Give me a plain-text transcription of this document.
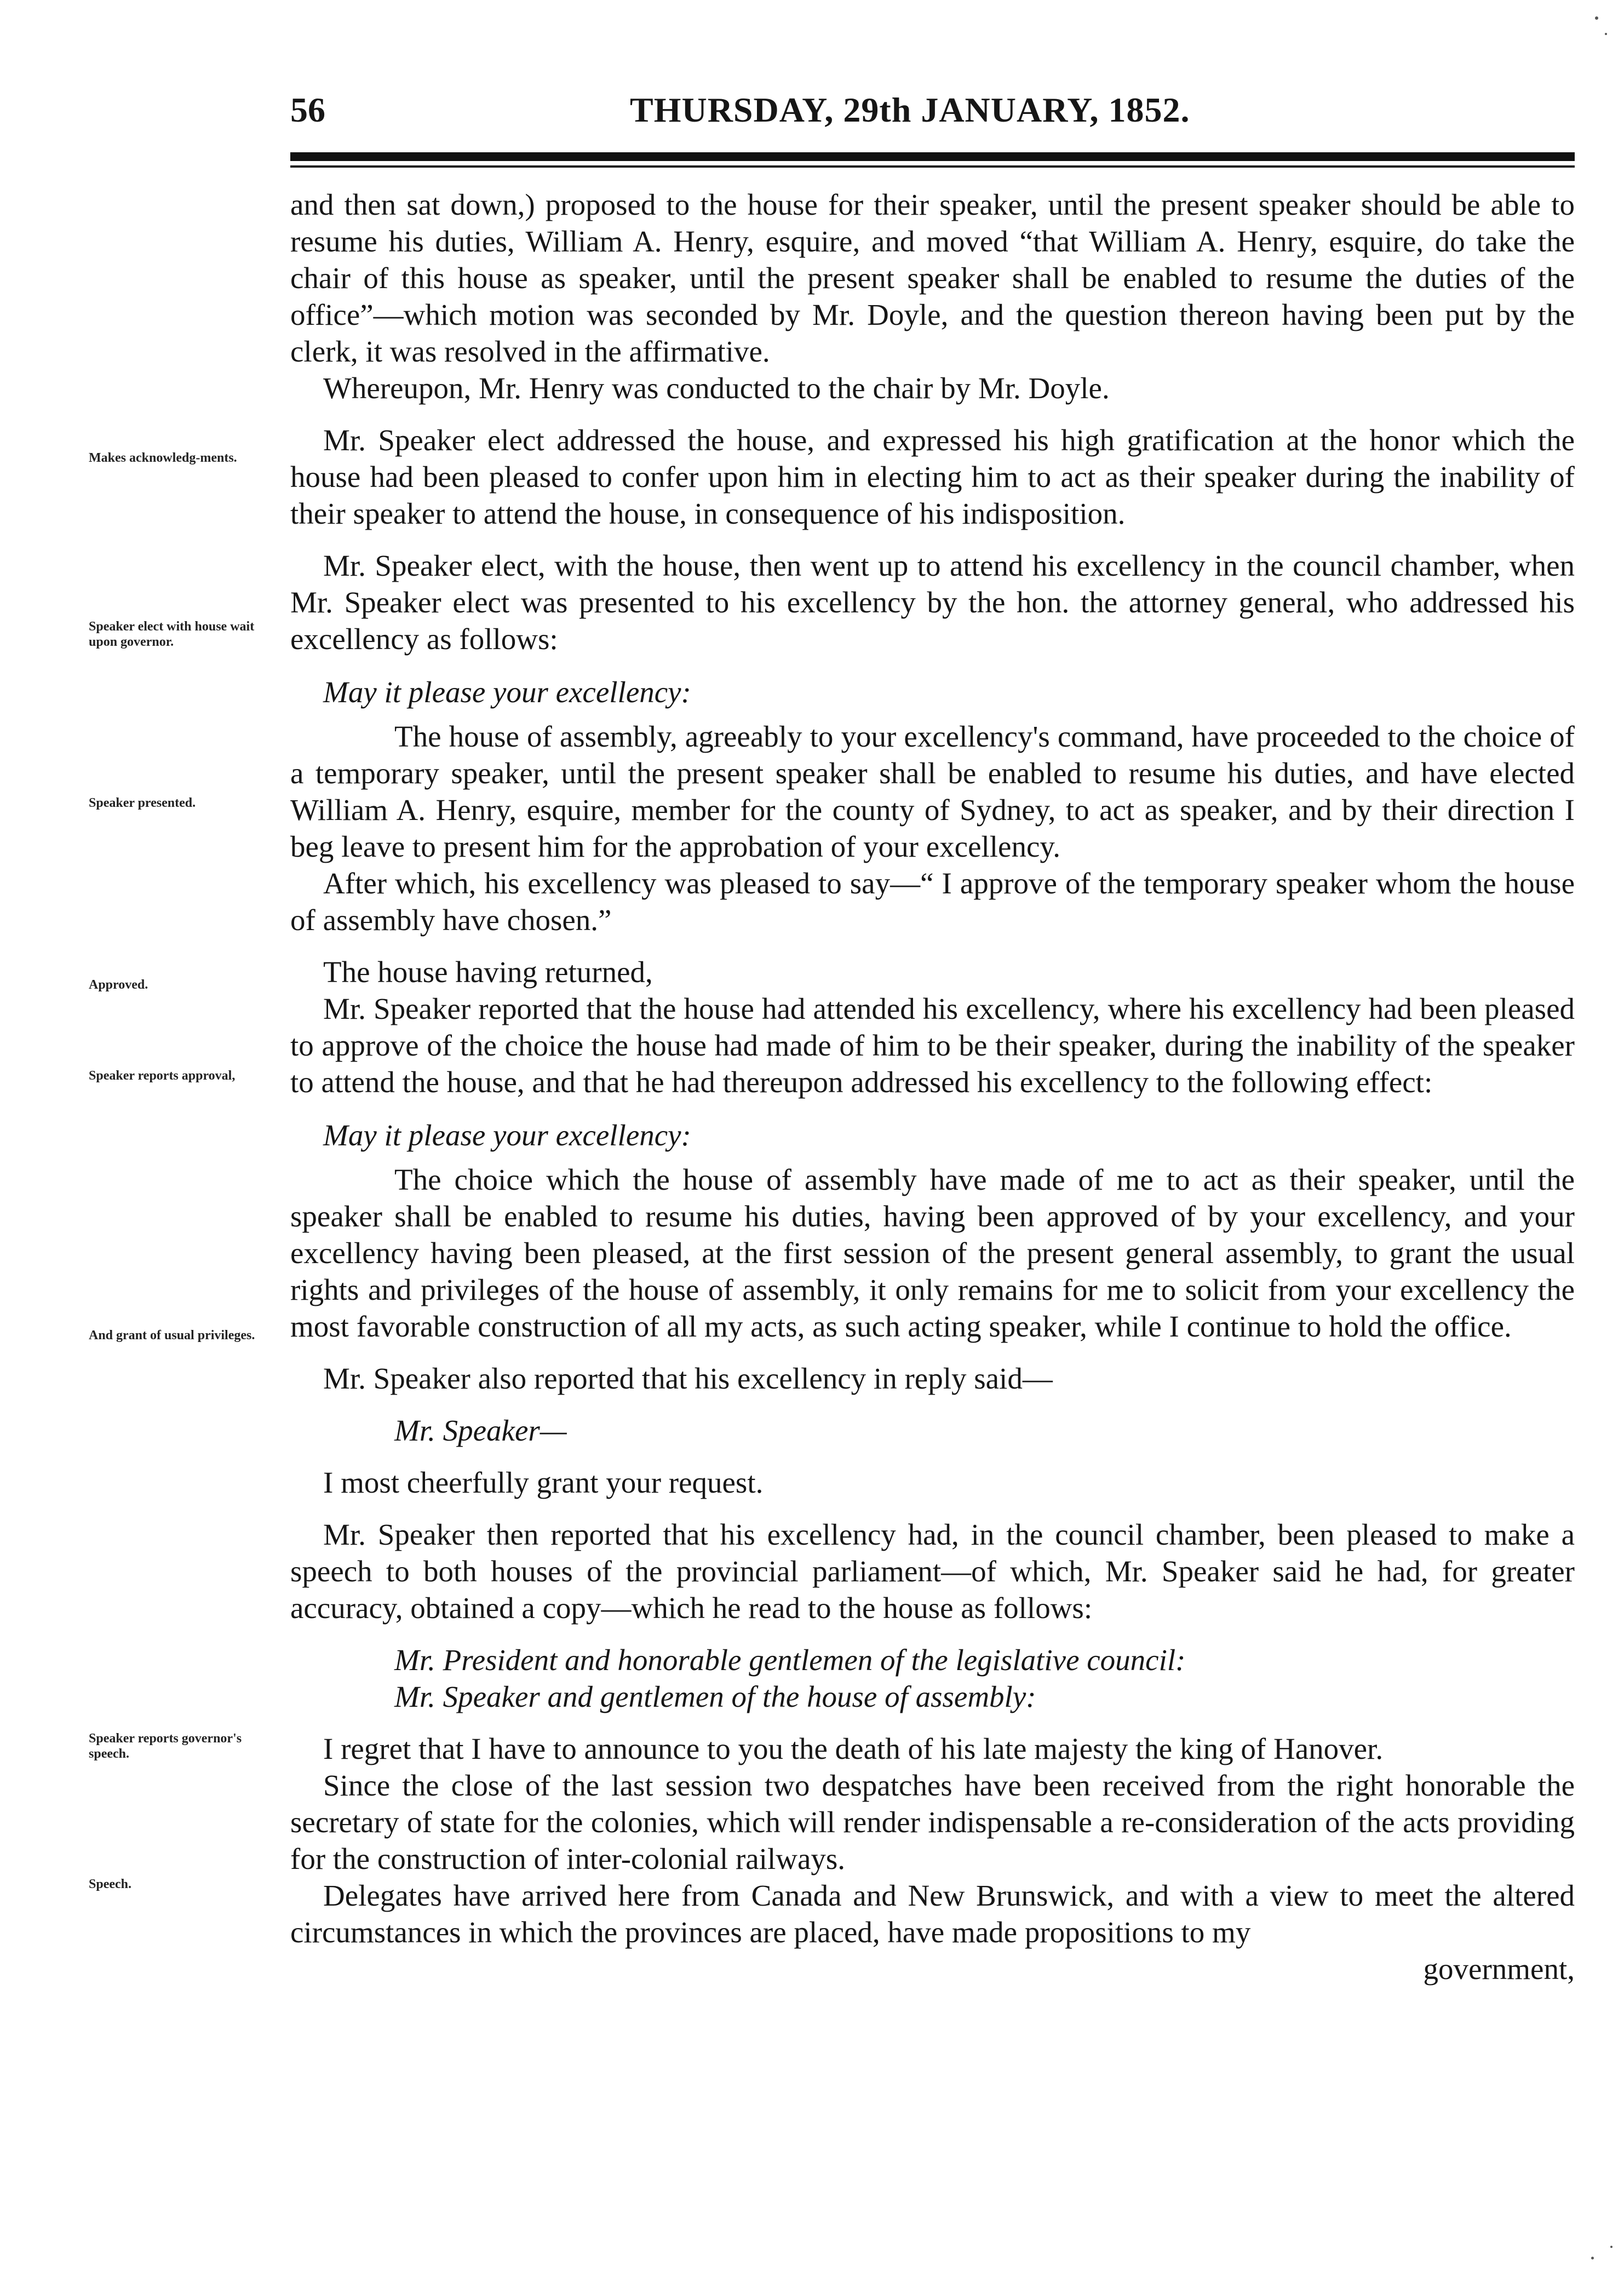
56	THURSDAY, 29th JANUARY, 1852.
Makes acknowledg-ments.
Speaker elect with house wait upon governor.
Speaker presented.
Approved.
Speaker reports approval,
And grant of usual privileges.
Speaker reports governor's speech.
Speech.

and then sat down,) proposed to the house for their speaker, until the present speaker should be able to resume his duties, William A. Henry, esquire, and moved “that William A. Henry, esquire, do take the chair of this house as speaker, until the present speaker shall be enabled to resume the duties of the office”—which motion was seconded by Mr. Doyle, and the question thereon having been put by the clerk, it was resolved in the affirmative.

Whereupon, Mr. Henry was conducted to the chair by Mr. Doyle.

Mr. Speaker elect addressed the house, and expressed his high gratification at the honor which the house had been pleased to confer upon him in electing him to act as their speaker during the inability of their speaker to attend the house, in consequence of his indisposition.

Mr. Speaker elect, with the house, then went up to attend his excellency in the council chamber, when Mr. Speaker elect was presented to his excellency by the hon. the attorney general, who addressed his excellency as follows:

May it please your excellency:

The house of assembly, agreeably to your excellency's command, have proceeded to the choice of a temporary speaker, until the present speaker shall be enabled to resume his duties, and have elected William A. Henry, esquire, member for the county of Sydney, to act as speaker, and by their direction I beg leave to present him for the approbation of your excellency.

After which, his excellency was pleased to say—“ I approve of the temporary speaker whom the house of assembly have chosen.”

The house having returned,

Mr. Speaker reported that the house had attended his excellency, where his excellency had been pleased to approve of the choice the house had made of him to be their speaker, during the inability of the speaker to attend the house, and that he had thereupon addressed his excellency to the following effect:

May it please your excellency:

The choice which the house of assembly have made of me to act as their speaker, until the speaker shall be enabled to resume his duties, having been approved of by your excellency, and your excellency having been pleased, at the first session of the present general assembly, to grant the usual rights and privileges of the house of assembly, it only remains for me to solicit from your excellency the most favorable construction of all my acts, as such acting speaker, while I continue to hold the office.

Mr. Speaker also reported that his excellency in reply said—

Mr. Speaker—

I most cheerfully grant your request.

Mr. Speaker then reported that his excellency had, in the council chamber, been pleased to make a speech to both houses of the provincial parliament—of which, Mr. Speaker said he had, for greater accuracy, obtained a copy—which he read to the house as follows:

Mr. President and honorable gentlemen of the legislative council:

Mr. Speaker and gentlemen of the house of assembly:

I regret that I have to announce to you the death of his late majesty the king of Hanover.

Since the close of the last session two despatches have been received from the right honorable the secretary of state for the colonies, which will render indispensable a re-consideration of the acts providing for the construction of inter-colonial railways.

Delegates have arrived here from Canada and New Brunswick, and with a view to meet the altered circumstances in which the provinces are placed, have made propositions to my

government,
